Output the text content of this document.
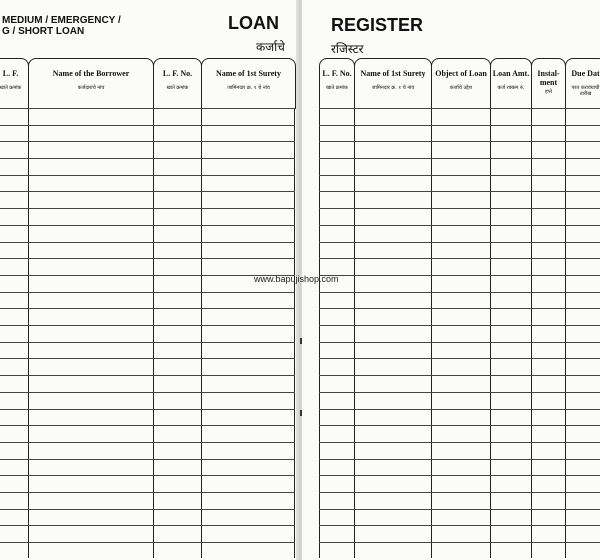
MEDIUM / EMERGENCY /
G / SHORT LOAN	LOAN
कर्जाचे
REGISTER
रजिस्टर
L. F.
खाते क्रमांक
Name of the Borrower
कर्जदाराचे नांव
L. F. No.
खाते क्रमांक
Name of 1st Surety
जामिनदार क्र. १ चे नांव
L. F. No.
खाते क्रमांक
Name of 1st Surety
जामिनदार क्र. १ चे नांव
Object of Loan
कर्जाचे उद्देश
Loan Amt.
कर्ज रक्कम रु.
Instal-
ment
हप्ते
Due Dat
परत करावयाची तारीख
www.bapujishop.com
